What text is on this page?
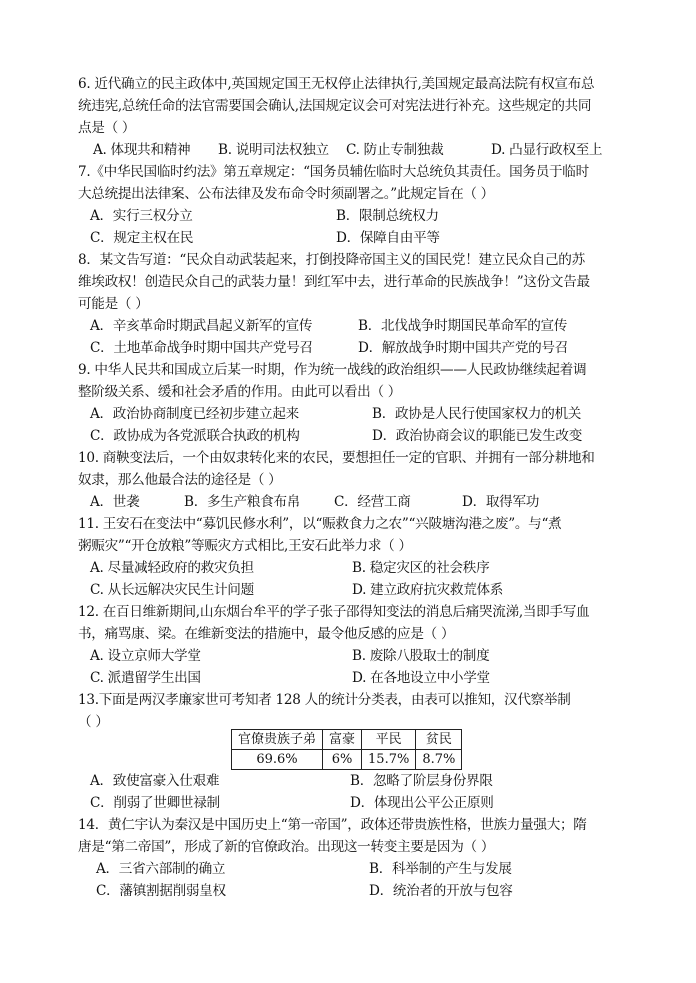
6. 近代确立的民主政体中,英国规定国王无权停止法律执行,美国规定最高法院有权宣布总
统违宪,总统任命的法官需要国会确认,法国规定议会可对宪法进行补充。这些规定的共同
点是（ ）
A. 体现共和精神 B. 说明司法权独立 C. 防止专制独裁	D. 凸显行政权至上
7.《中华民国临时约法》第五章规定：“国务员辅佐临时大总统负其责任。国务员于临时
大总统提出法律案、公布法律及发布命令时须副署之。”此规定旨在（ ）
A．实行三权分立	B．限制总统权力
C．规定主权在民	D．保障自由平等
8．某文告写道：“民众自动武装起来，打倒投降帝国主义的国民党！建立民众自己的苏
维埃政权！创造民众自己的武装力量！到红军中去，进行革命的民族战争！”这份文告最
可能是（ ）
A．辛亥革命时期武昌起义新军的宣传	B．北伐战争时期国民革命军的宣传
C．土地革命战争时期中国共产党号召	D．解放战争时期中国共产党的号召
9. 中华人民共和国成立后某一时期，作为统一战线的政治组织——人民政协继续起着调
整阶级关系、缓和社会矛盾的作用。由此可以看出（ ）
A．政治协商制度已经初步建立起来	B．政协是人民行使国家权力的机关
C．政协成为各党派联合执政的机构	D．政治协商会议的职能已发生改变
10. 商鞅变法后，一个由奴隶转化来的农民，要想担任一定的官职、并拥有一部分耕地和
奴隶，那么他最合法的途径是（ ）
A．世袭	B．多生产粮食布帛 C．经营工商	D．取得军功
11. 王安石在变法中“募饥民修水利”，以“赈救食力之农”“兴陂塘沟港之废”。与“煮
粥赈灾”“开仓放粮”等赈灾方式相比,王安石此举力求（ ）
A. 尽量减轻政府的救灾负担	B. 稳定灾区的社会秩序
C. 从长远解决灾民生计问题	D. 建立政府抗灾救荒体系
12. 在百日维新期间,山东烟台牟平的学子张子邵得知变法的消息后痛哭流涕,当即手写血
书，痛骂康、梁。在维新变法的措施中，最令他反感的应是（ ）
A. 设立京师大学堂	B. 废除八股取士的制度
C. 派遣留学生出国	D. 在各地设立中小学堂
13.下面是两汉孝廉家世可考知者 128 人的统计分类表，由表可以推知，汉代察举制
（ ）
官僚贵族子弟	富豪	平民	贫民
69.6%	6%	15.7%	8.7%
A．致使富豪入仕艰难	B．忽略了阶层身份界限
C．削弱了世卿世禄制	D．体现出公平公正原则
14．黄仁宇认为秦汉是中国历史上“第一帝国”，政体还带贵族性格，世族力量强大；隋
唐是“第二帝国”，形成了新的官僚政治。出现这一转变主要是因为（ ）
A．三省六部制的确立	B．科举制的产生与发展
C．藩镇割据削弱皇权	D．统治者的开放与包容
